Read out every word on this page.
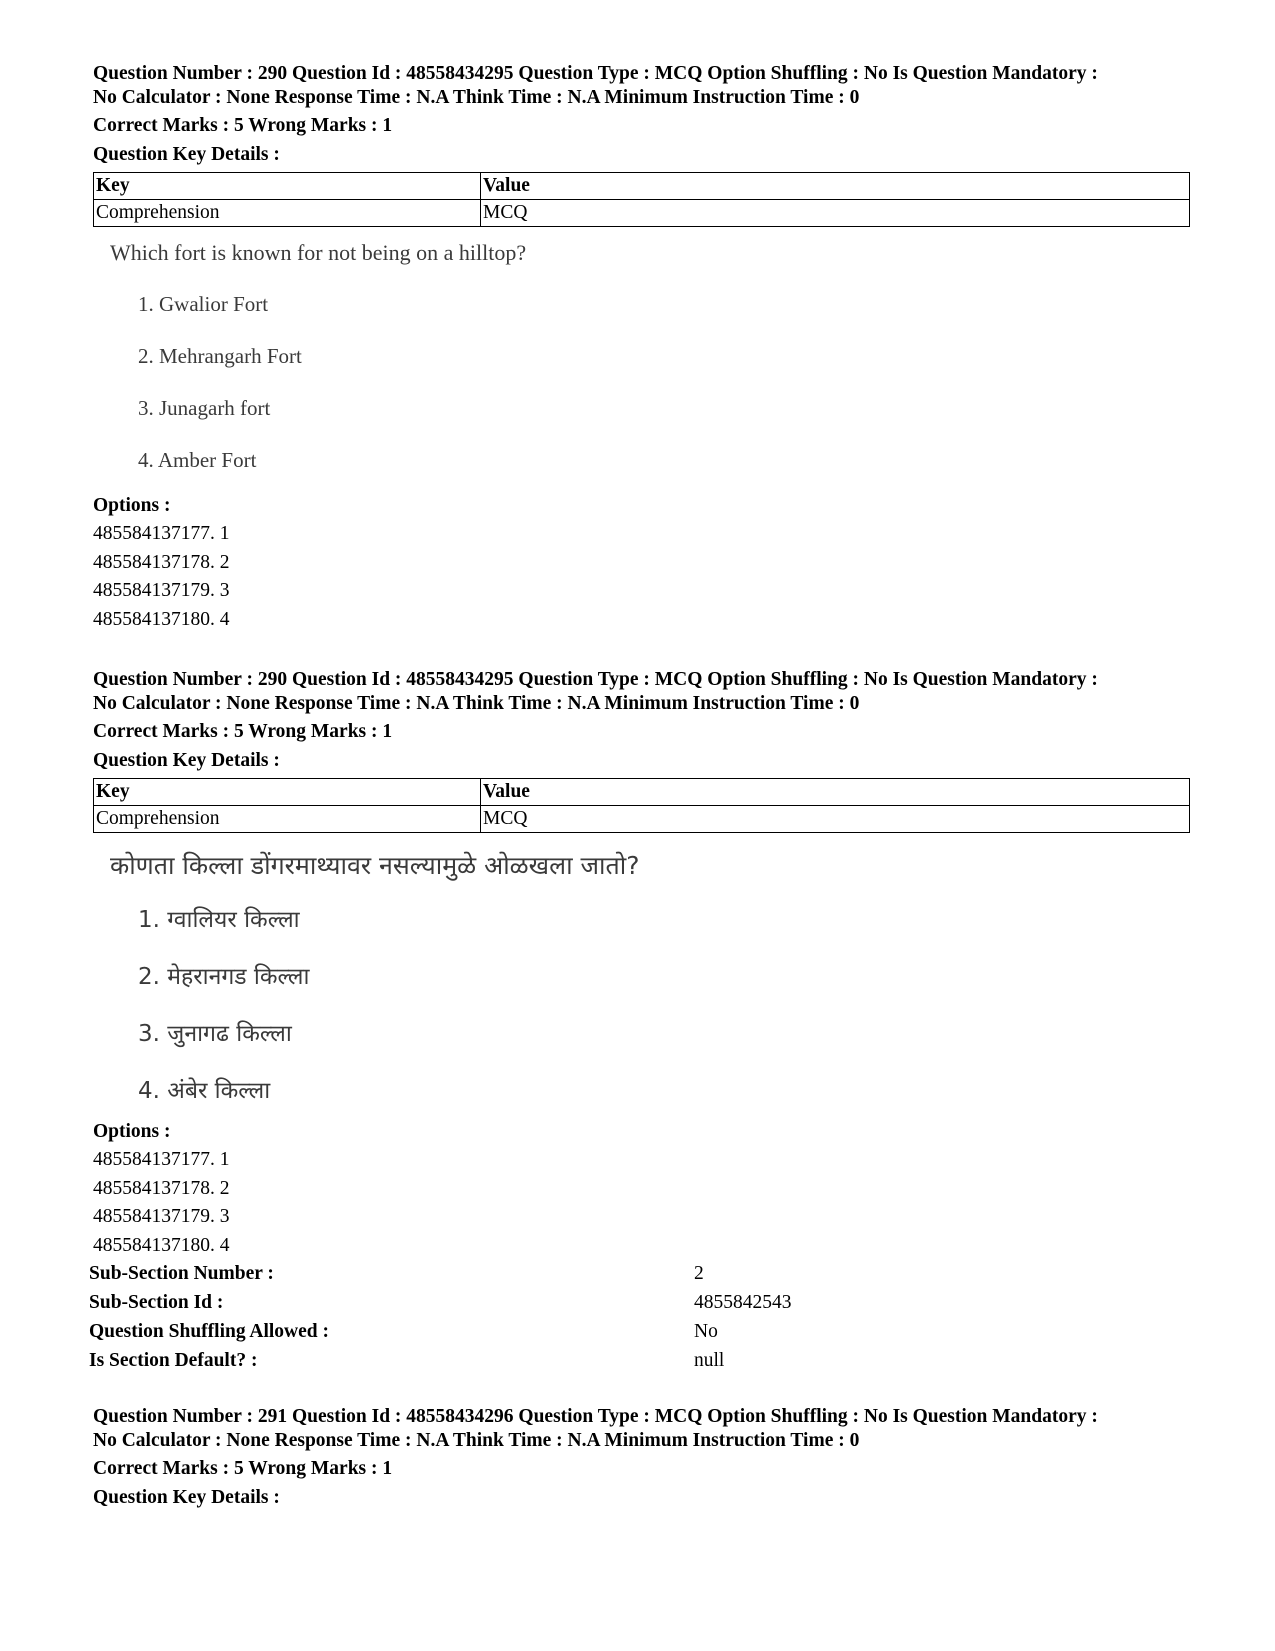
Question Number : 290 Question Id : 48558434295 Question Type : MCQ Option Shuffling : No Is Question Mandatory :

No Calculator : None Response Time : N.A Think Time : N.A Minimum Instruction Time : 0

Correct Marks : 5 Wrong Marks : 1
Question Key Details :
Key	Value
Comprehension	MCQ
Which fort is known for not being on a hilltop?
1. Gwalior Fort
2. Mehrangarh Fort
3. Junagarh fort
4. Amber Fort
Options :
485584137177. 1
485584137178. 2
485584137179. 3
485584137180. 4

Question Number : 290 Question Id : 48558434295 Question Type : MCQ Option Shuffling : No Is Question Mandatory :

No Calculator : None Response Time : N.A Think Time : N.A Minimum Instruction Time : 0

Correct Marks : 5 Wrong Marks : 1
Question Key Details :
Key	Value
Comprehension	MCQ
कोणता किल्ला डोंगरमाथ्यावर नसल्यामुळे ओळखला जातो?
1. ग्वालियर किल्ला
2. मेहरानगड किल्ला
3. जुनागढ किल्ला
4. अंबेर किल्ला
Options :
485584137177. 1
485584137178. 2
485584137179. 3
485584137180. 4
Sub-Section Number :	2
Sub-Section Id :	4855842543
Question Shuffling Allowed :	No
Is Section Default? :	null

Question Number : 291 Question Id : 48558434296 Question Type : MCQ Option Shuffling : No Is Question Mandatory :

No Calculator : None Response Time : N.A Think Time : N.A Minimum Instruction Time : 0

Correct Marks : 5 Wrong Marks : 1
Question Key Details :
